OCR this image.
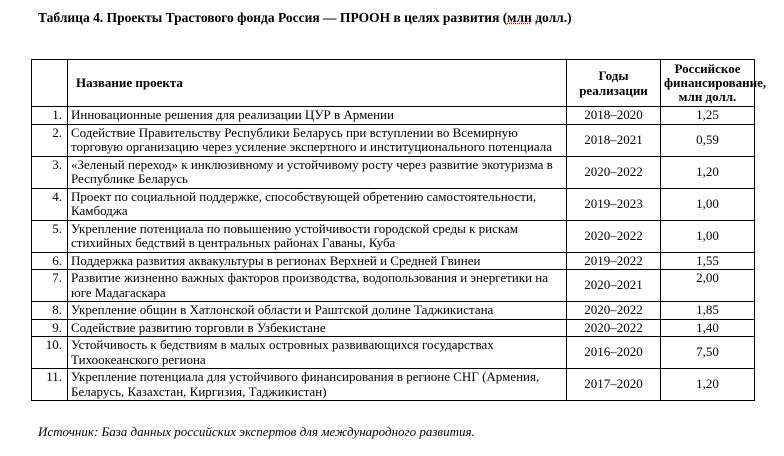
Таблица 4. Проекты Трастового фонда Россия — ПРООН в целях развития (млн долл.)
	Название проекта	Годы реализации	Российское финансирование, млн долл.
1.	Инновационные решения для реализации ЦУР в Армении	2018–2020	1,25
2.	Содействие Правительству Республики Беларусь при вступлении во Всемирную торговую организацию через усиление экспертного и институционального потенциала	2018–2021	0,59
3.	«Зеленый переход» к инклюзивному и устойчивому росту через развитие экотуризма в Республике Беларусь	2020–2022	1,20
4.	Проект по социальной поддержке, способствующей обретению самостоятельности, Камбоджа	2019–2023	1,00
5.	Укрепление потенциала по повышению устойчивости городской среды к рискам стихийных бедствий в центральных районах Гаваны, Куба	2020–2022	1,00
6.	Поддержка развития аквакультуры в регионах Верхней и Средней Гвинеи	2019–2022	1,55
7.	Развитие жизненно важных факторов производства, водопользования и энергетики на юге Мадагаскара	2020–2021	2,00
8.	Укрепление общин в Хатлонской области и Раштской долине Таджикистана	2020–2022	1,85
9.	Содействие развитию торговли в Узбекистане	2020–2022	1,40
10.	Устойчивость к бедствиям в малых островных развивающихся государствах Тихоокеанского региона	2016–2020	7,50
11.	Укрепление потенциала для устойчивого финансирования в регионе СНГ (Армения, Беларусь, Казахстан, Киргизия, Таджикистан)	2017–2020	1,20
Источник: База данных российских экспертов для международного развития.
